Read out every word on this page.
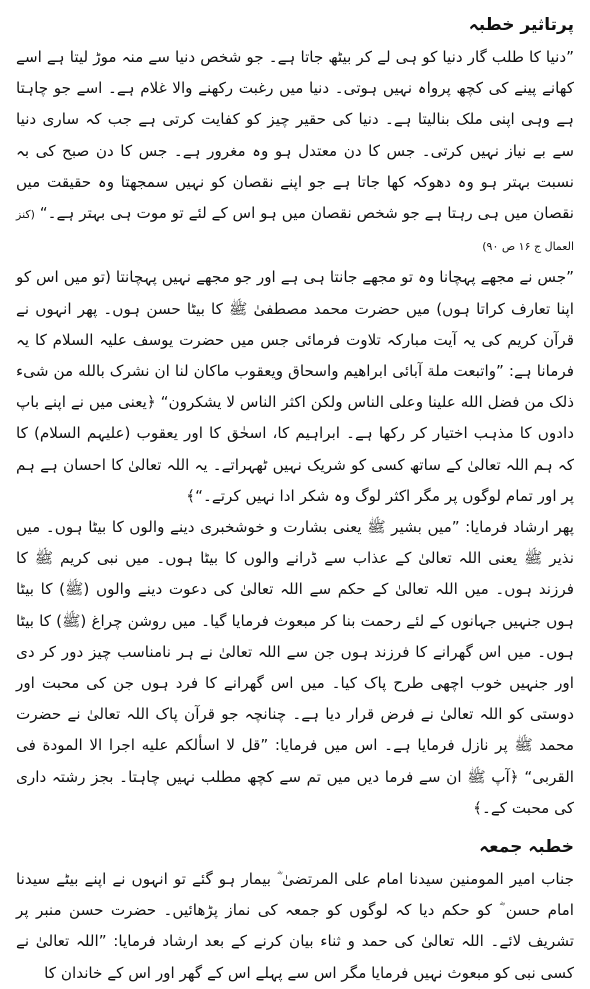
پرتاثیر خطبہ

”دنیا کا طلب گار دنیا کو ہی لے کر بیٹھ جاتا ہے۔ جو شخص دنیا سے منہ موڑ لیتا ہے اسے کھانے پینے کی کچھ پرواہ نہیں ہوتی۔ دنیا میں رغبت رکھنے والا غلام ہے۔ اسے جو چاہتا ہے وہی اپنی ملک بنالیتا ہے۔ دنیا کی حقیر چیز کو کفایت کرتی ہے جب کہ ساری دنیا سے بے نیاز نہیں کرتی۔ جس کا دن معتدل ہو وہ مغرور ہے۔ جس کا دن صبح کی بہ نسبت بہتر ہو وہ دھوکہ کھا جاتا ہے جو اپنے نقصان کو نہیں سمجھتا وہ حقیقت میں نقصان میں ہی رہتا ہے جو شخص نقصان میں ہو اس کے لئے تو موت ہی بہتر ہے۔“ (کنز العمال ج ۱۶ ص ۹۰)

”جس نے مجھے پہچانا وہ تو مجھے جانتا ہی ہے اور جو مجھے نہیں پہچانتا (تو میں اس کو اپنا تعارف کراتا ہوں) میں حضرت محمد مصطفیٰ ﷺ کا بیٹا حسن ہوں۔ پھر انہوں نے قرآن کریم کی یہ آیت مبارکہ تلاوت فرمائی جس میں حضرت یوسف علیہ السلام کا یہ فرمانا ہے: ”واتبعت ملة آبائی ابراهیم واسحاق ویعقوب ماکان لنا ان نشرک بالله من شیء ذلک من فضل الله علینا وعلی الناس ولکن اکثر الناس لا یشکرون“ ﴿یعنی میں نے اپنے باپ دادوں کا مذہب اختیار کر رکھا ہے۔ ابراہیم کا، اسحٰق کا اور یعقوب (علیہم السلام) کا کہ ہم اللہ تعالیٰ کے ساتھ کسی کو شریک نہیں ٹھہراتے۔ یہ اللہ تعالیٰ کا احسان ہے ہم پر اور تمام لوگوں پر مگر اکثر لوگ وہ شکر ادا نہیں کرتے۔“﴾

پھر ارشاد فرمایا: ”میں بشیر ﷺ یعنی بشارت و خوشخبری دینے والوں کا بیٹا ہوں۔ میں نذیر ﷺ یعنی اللہ تعالیٰ کے عذاب سے ڈرانے والوں کا بیٹا ہوں۔ میں نبی کریم ﷺ کا فرزند ہوں۔ میں اللہ تعالیٰ کے حکم سے اللہ تعالیٰ کی دعوت دینے والوں (ﷺ) کا بیٹا ہوں جنہیں جہانوں کے لئے رحمت بنا کر مبعوث فرمایا گیا۔ میں روشن چراغ (ﷺ) کا بیٹا ہوں۔ میں اس گھرانے کا فرزند ہوں جن سے اللہ تعالیٰ نے ہر نامناسب چیز دور کر دی اور جنہیں خوب اچھی طرح پاک کیا۔ میں اس گھرانے کا فرد ہوں جن کی محبت اور دوستی کو اللہ تعالیٰ نے فرض قرار دیا ہے۔ چنانچہ جو قرآن پاک اللہ تعالیٰ نے حضرت محمد ﷺ پر نازل فرمایا ہے۔ اس میں فرمایا: ”قل لا اسألکم علیه اجرا الا المودة فی القربی“ ﴿آپ ﷺ ان سے فرما دیں میں تم سے کچھ مطلب نہیں چاہتا۔ بجز رشتہ داری کی محبت کے۔﴾

خطبہ جمعہ

جناب امیر المومنین سیدنا امام علی المرتضیٰ ؓ بیمار ہو گئے تو انہوں نے اپنے بیٹے سیدنا امام حسن ؓ کو حکم دیا کہ لوگوں کو جمعہ کی نماز پڑھائیں۔ حضرت حسن منبر پر تشریف لائے۔ اللہ تعالیٰ کی حمد و ثناء بیان کرنے کے بعد ارشاد فرمایا: ”اللہ تعالیٰ نے کسی نبی کو مبعوث نہیں فرمایا مگر اس سے پہلے اس کے گھر اور اس کے خاندان کا
